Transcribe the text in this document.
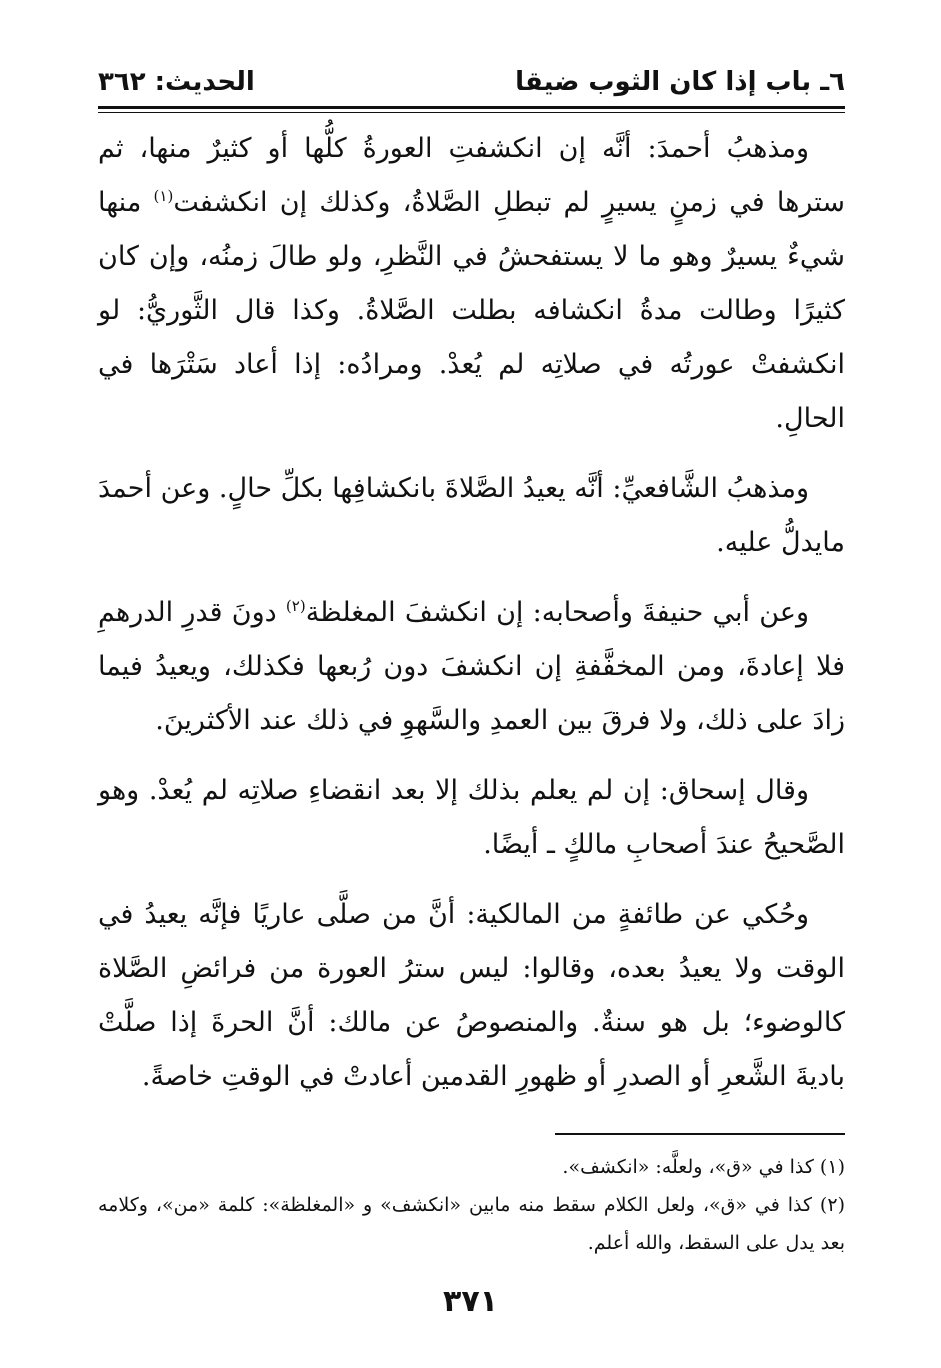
٦ـ باب إذا كان الثوب ضيقا
الحديث: ٣٦٢

ومذهبُ أحمدَ: أنَّه إن انكشفتِ العورةُ كلُّها أو كثيرٌ منها، ثم سترها في زمنٍ يسيرٍ لم تبطلِ الصَّلاةُ، وكذلك إن انكشفت$^{(١)}$ منها شيءٌ يسيرٌ وهو ما لا يستفحشُ في النَّظرِ، ولو طالَ زمنُه، وإن كان كثيرًا وطالت مدةُ انكشافه بطلت الصَّلاةُ. وكذا قال الثَّوريُّ: لو انكشفتْ عورتُه في صلاتِه لم يُعدْ. ومرادُه: إذا أعاد سَتْرَها في الحالِ.

ومذهبُ الشَّافعيِّ: أنَّه يعيدُ الصَّلاةَ بانكشافِها بكلِّ حالٍ. وعن أحمدَ مايدلُّ عليه.

وعن أبي حنيفةَ وأصحابه: إن انكشفَ المغلظة$^{(٢)}$ دونَ قدرِ الدرهمِ فلا إعادةَ، ومن المخفَّفةِ إن انكشفَ دون رُبعها فكذلك، ويعيدُ فيما زادَ على ذلك، ولا فرقَ بين العمدِ والسَّهوِ في ذلك عند الأكثرينَ.

وقال إسحاق: إن لم يعلم بذلك إلا بعد انقضاءِ صلاتِه لم يُعدْ. وهو الصَّحيحُ عندَ أصحابِ مالكٍ ـ أيضًا.

وحُكي عن طائفةٍ من المالكية: أنَّ من صلَّى عاريًا فإنَّه يعيدُ في الوقت ولا يعيدُ بعده، وقالوا: ليس سترُ العورة من فرائضِ الصَّلاة كالوضوء؛ بل هو سنةٌ. والمنصوصُ عن مالك: أنَّ الحرةَ إذا صلَّتْ باديةَ الشَّعرِ أو الصدرِ أو ظهورِ القدمين أعادتْ في الوقتِ خاصةً.

(١) كذا في «ق»، ولعلَّه: «انكشف».

(٢) كذا في «ق»، ولعل الكلام سقط منه مابين «انكشف» و «المغلظة»: كلمة «من»، وكلامه بعد يدل على السقط، والله أعلم.

٣٧١
